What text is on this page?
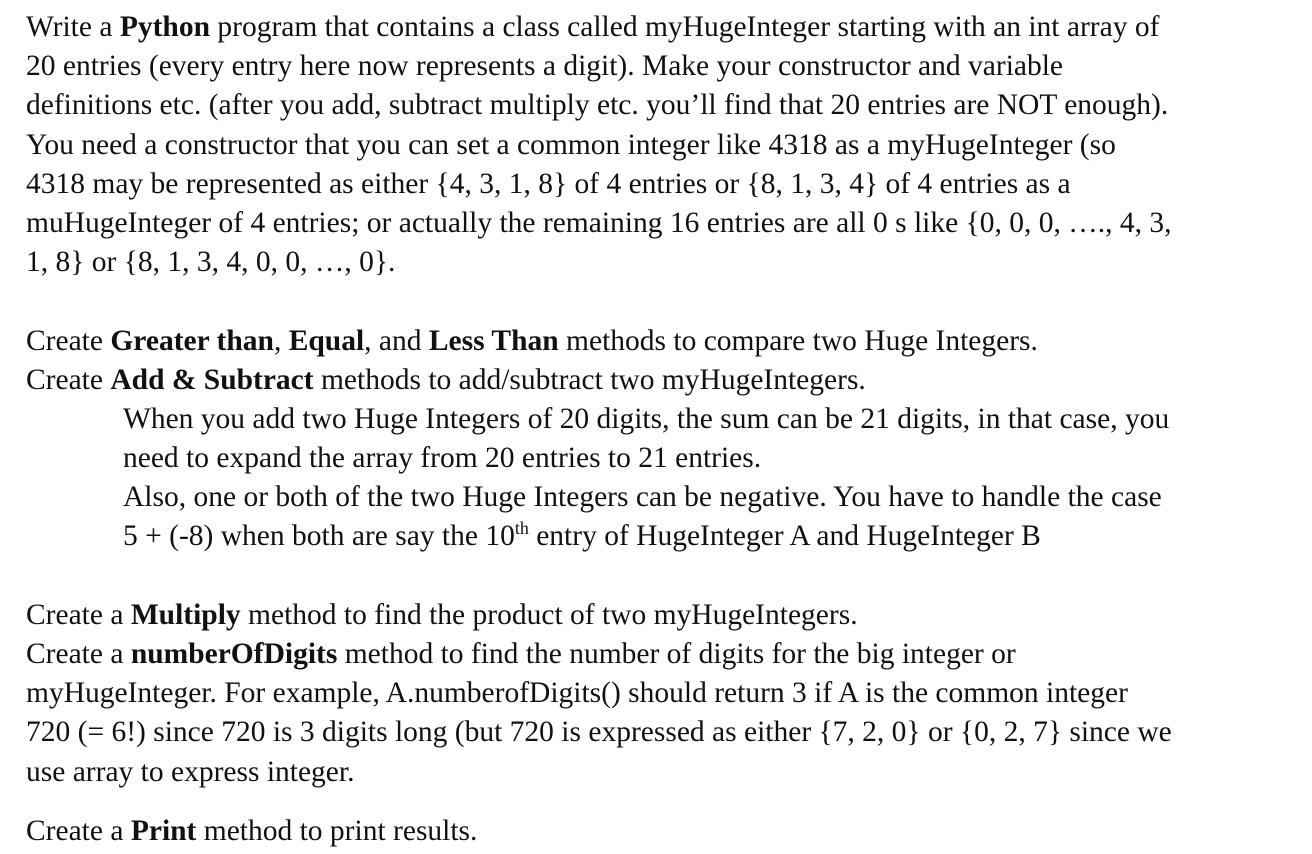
Write a Python program that contains a class called myHugeInteger starting with an int array of
20 entries (every entry here now represents a digit). Make your constructor and variable
definitions etc. (after you add, subtract multiply etc. you’ll find that 20 entries are NOT enough).
You need a constructor that you can set a common integer like 4318 as a myHugeInteger (so
4318 may be represented as either {4, 3, 1, 8} of 4 entries or {8, 1, 3, 4} of 4 entries as a
muHugeInteger of 4 entries; or actually the remaining 16 entries are all 0 s like {0, 0, 0, …., 4, 3,
1, 8} or {8, 1, 3, 4, 0, 0, …, 0}.
Create Greater than, Equal, and Less Than methods to compare two Huge Integers.
Create Add & Subtract methods to add/subtract two myHugeIntegers.
When you add two Huge Integers of 20 digits, the sum can be 21 digits, in that case, you
need to expand the array from 20 entries to 21 entries.
Also, one or both of the two Huge Integers can be negative. You have to handle the case
5 + (-8) when both are say the 10th entry of HugeInteger A and HugeInteger B
Create a Multiply method to find the product of two myHugeIntegers.
Create a numberOfDigits method to find the number of digits for the big integer or
myHugeInteger. For example, A.numberofDigits() should return 3 if A is the common integer
720 (= 6!) since 720 is 3 digits long (but 720 is expressed as either {7, 2, 0} or {0, 2, 7} since we
use array to express integer.
Create a Print method to print results.
